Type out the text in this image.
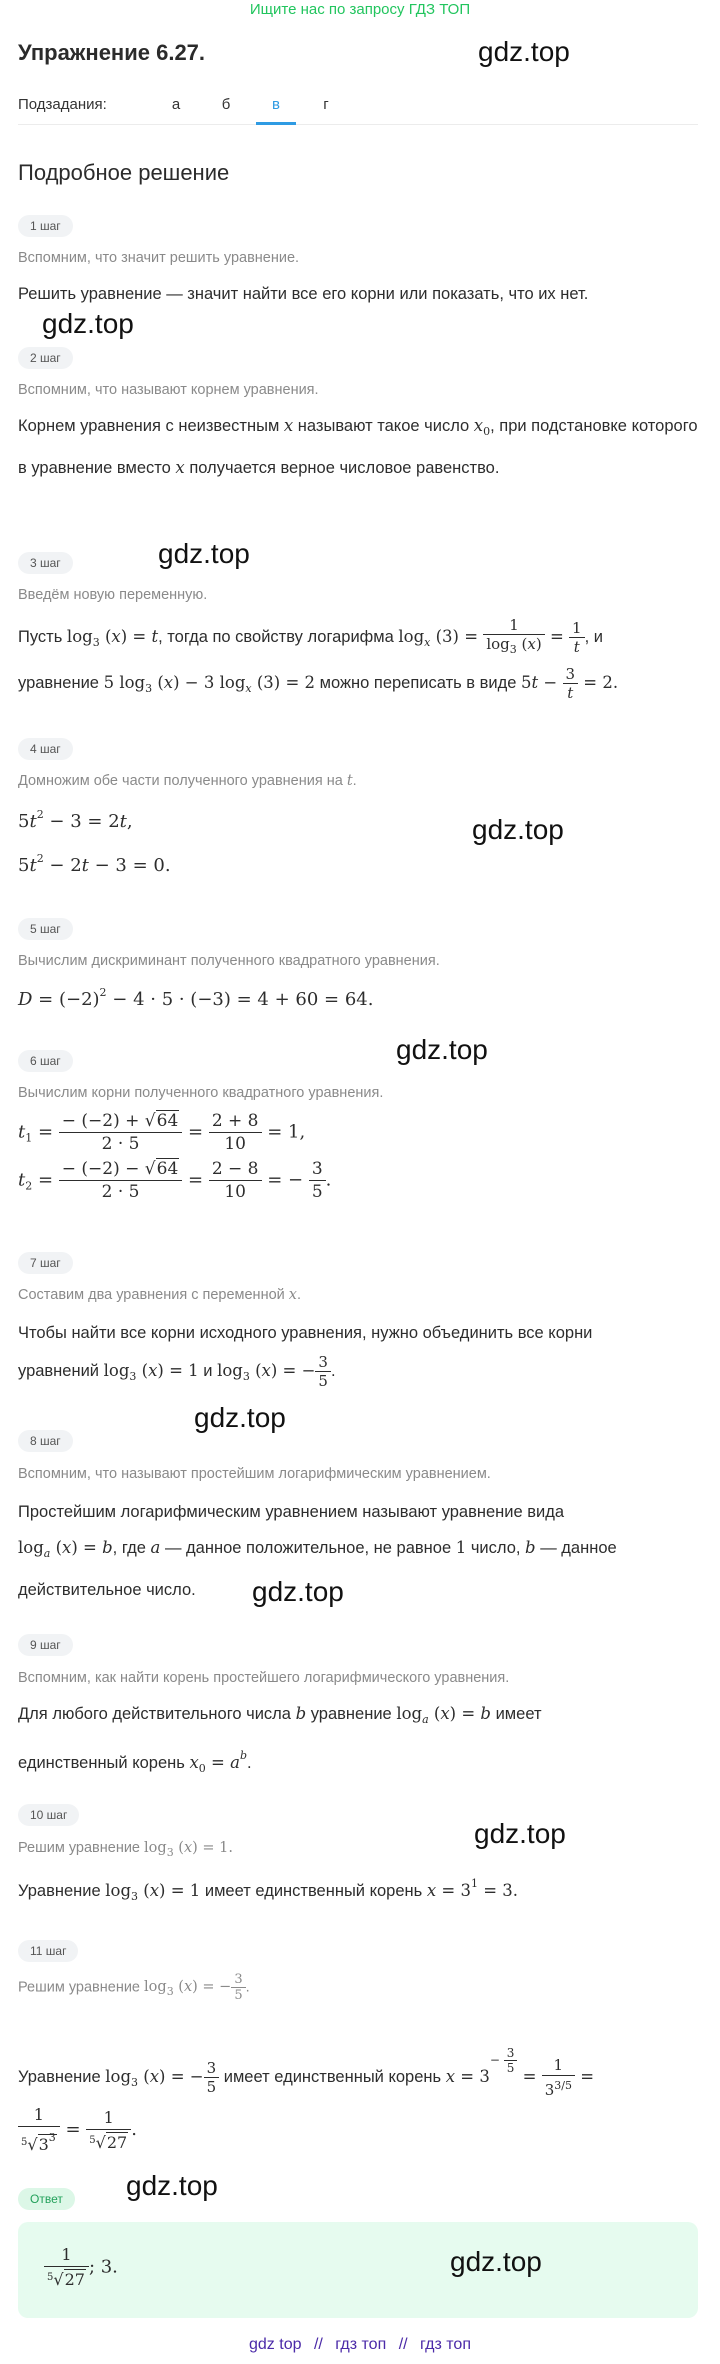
Ищите нас по запросу ГДЗ ТОП
Упражнение 6.27.	gdz.top
Подзадания:	а	б	в	г
Подробное решение
1 шаг
Вспомним, что значит решить уравнение.
Решить уравнение — значит найти все его корни или показать, что их нет.
gdz.top
2 шаг
Вспомним, что называют корнем уравнения.
Корнем уравнения с неизвестным x называют такое число $x_0$, при подстановке которого в уравнение вместо x получается верное числовое равенство.
3 шаг	gdz.top
Введём новую переменную.
Пусть $\log_3 (x) = t$, тогда по свойству логарифма $\log_x (3) = \frac{1}{\log_3 (x)} = \frac{1}{t}$ , и
уравнение 5 $\log_3 (x) - 3$ $\log_x (3) = 2$ можно переписать в виде $5t - \frac{3}{t} = 2$.
4 шаг
Домножим обе части полученного уравнения на t.
$5t^2 - 3 = 2t$,	gdz.top
$5t^2 - 2t - 3 = 0$.
5 шаг
Вычислим дискриминант полученного квадратного уравнения.
$D = (-2)^2 - 4 \cdot 5 \cdot (-3) = 4 + 60 = 64$.
6 шаг	gdz.top
Вычислим корни полученного квадратного уравнения.
$t_1 = \frac{- (-2) + √64}{2 \cdot 5} = \frac{2 + 8}{10} = 1$,
$t_2 = \frac{- (-2) - √64}{2 \cdot 5} = \frac{2 - 8}{10}$ = − $\frac{3}{5}$ .
7 шаг
Составим два уравнения с переменной x.
Чтобы найти все корни исходного уравнения, нужно объединить все корни
уравнений $\log_3 (x) = 1$ и $\log_3 (x)$ = − $\frac{3}{5}$ .
gdz.top
8 шаг
Вспомним, что называют простейшим логарифмическим уравнением.
Простейшим логарифмическим уравнением называют уравнение вида
$\log_a (x) = b$, где a — данное положительное, не равное 1 число, b — данное
действительное число.	gdz.top
9 шаг
Вспомним, как найти корень простейшего логарифмического уравнения.
Для любого действительного числа b уравнение $\log_a (x) = b$ имеет
единственный корень $x_0 = a^b$.
10 шаг
gdz.top
Решим уравнение $\log_3 (x) = 1$.
Уравнение $\log_3 (x) = 1$ имеет единственный корень $x = 3^1 = 3$.
11 шаг
Решим уравнение $\log_3 (x)$ = − $\frac{3}{5}$ .
Уравнение $\log_3 (x)$ = − $\frac{3}{5}$ имеет единственный корень $x = 3- \frac{3}{5}$
= $\frac{1}{3^{3/5}}$ =
$\frac{1}{^5√3^3} = \frac{1}{^5√27}$ .
Ответ	gdz.top
$\frac{1}{^5√27}$ ; 3.	gdz.top
gdz top // гдз топ // гдз топ
